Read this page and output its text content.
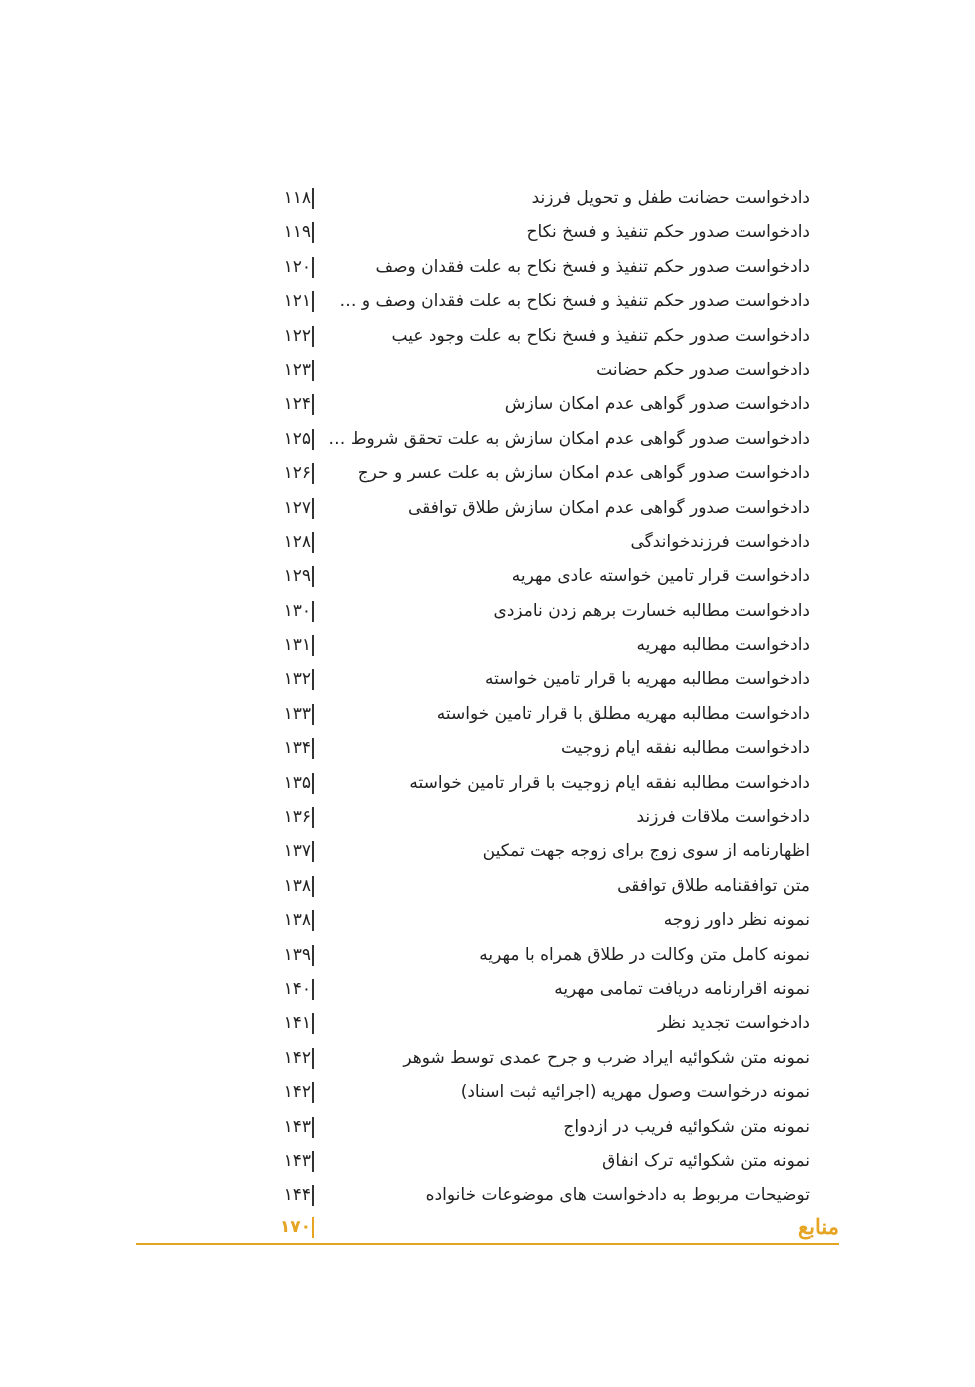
دادخواست حضانت طفل و تحویل فرزند
۱۱۸
دادخواست صدور حکم تنفیذ و فسخ نکاح
۱۱۹
دادخواست صدور حکم تنفیذ و فسخ نکاح به علت فقدان وصف
۱۲۰
دادخواست صدور حکم تنفیذ و فسخ نکاح به علت فقدان وصف و …
۱۲۱
دادخواست صدور حکم تنفیذ و فسخ نکاح به علت وجود عیب
۱۲۲
دادخواست صدور حکم حضانت
۱۲۳
دادخواست صدور گواهی عدم امکان سازش
۱۲۴
دادخواست صدور گواهی عدم امکان سازش به علت تحقق شروط …
۱۲۵
دادخواست صدور گواهی عدم امکان سازش به علت عسر و حرج
۱۲۶
دادخواست صدور گواهی عدم امکان سازش طلاق توافقی
۱۲۷
دادخواست فرزندخواندگی
۱۲۸
دادخواست قرار تامین خواسته عادی مهریه
۱۲۹
دادخواست مطالبه خسارت برهم زدن نامزدی
۱۳۰
دادخواست مطالبه مهریه
۱۳۱
دادخواست مطالبه مهریه با قرار تامین خواسته
۱۳۲
دادخواست مطالبه مهریه مطلق با قرار تامین خواسته
۱۳۳
دادخواست مطالبه نفقه ایام زوجیت
۱۳۴
دادخواست مطالبه نفقه ایام زوجیت با قرار تامین خواسته
۱۳۵
دادخواست ملاقات فرزند
۱۳۶
اظهارنامه از سوی زوج برای زوجه جهت تمکین
۱۳۷
متن توافقنامه طلاق توافقی
۱۳۸
نمونه نظر داور زوجه
۱۳۸
نمونه کامل متن وکالت در طلاق همراه با مهریه
۱۳۹
نمونه اقرارنامه دریافت تمامی مهریه
۱۴۰
دادخواست تجدید نظر
۱۴۱
نمونه متن شکوائیه ایراد ضرب و جرح عمدی توسط شوهر
۱۴۲
نمونه درخواست وصول مهریه (اجرائیه ثبت اسناد)
۱۴۲
نمونه متن شکوائیه فریب در ازدواج
۱۴۳
نمونه متن شکوائیه ترک انفاق
۱۴۳
توضیحات مربوط به دادخواست های موضوعات خانواده
۱۴۴
منابع
۱۷۰
